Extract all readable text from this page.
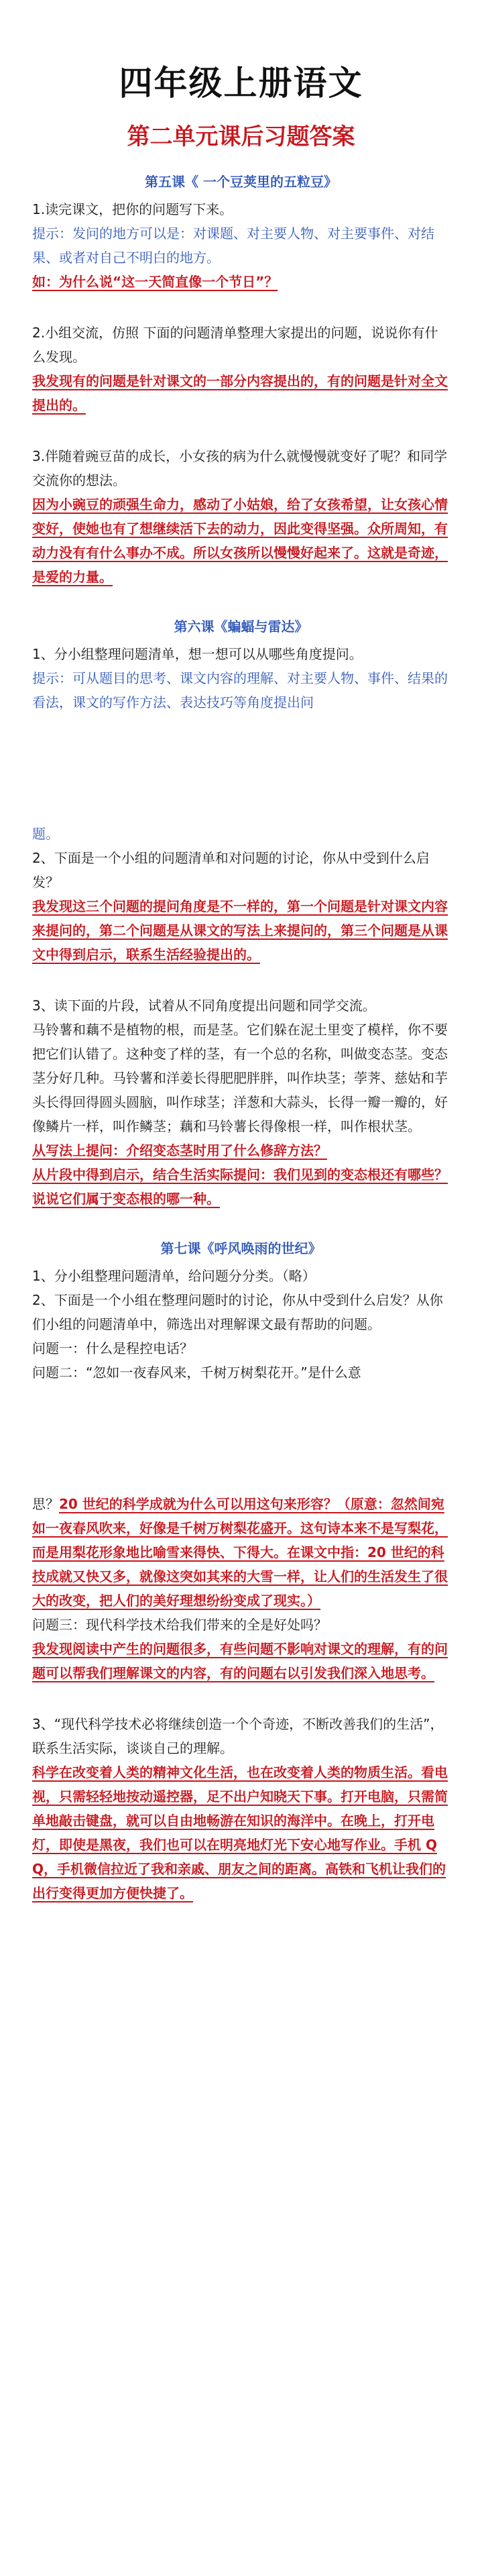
四年级上册语文
第二单元课后习题答案
第五课《 一个豆荚里的五粒豆》

1.读完课文，把你的问题写下来。

提示：发问的地方可以是：对课题、对主要人物、对主要事件、对结果、或者对自己不明白的地方。

如：为什么说“这一天简直像一个节日”？

2.小组交流，仿照 下面的问题清单整理大家提出的问题，说说你有什么发现。

我发现有的问题是针对课文的一部分内容提出的，有的问题是针对全文提出的。

3.伴随着豌豆苗的成长，小女孩的病为什么就慢慢就变好了呢？和同学交流你的想法。

因为小豌豆的顽强生命力，感动了小姑娘，给了女孩希望，让女孩心情变好，使她也有了想继续活下去的动力，因此变得坚强。众所周知，有动力没有有什么事办不成。所以女孩所以慢慢好起来了。这就是奇迹，是爱的力量。

第六课《蝙蝠与雷达》

1、分小组整理问题清单，想一想可以从哪些角度提问。

提示：可从题目的思考、课文内容的理解、对主要人物、事件、结果的看法，课文的写作方法、表达技巧等角度提出问

题。

2、下面是一个小组的问题清单和对问题的讨论，你从中受到什么启发？

我发现这三个问题的提问角度是不一样的，第一个问题是针对课文内容来提问的，第二个问题是从课文的写法上来提问的，第三个问题是从课文中得到启示，联系生活经验提出的。

3、读下面的片段，试着从不同角度提出问题和同学交流。

马铃薯和藕不是植物的根，而是茎。它们躲在泥土里变了模样，你不要把它们认错了。这种变了样的茎，有一个总的名称，叫做变态茎。变态茎分好几种。马铃薯和洋姜长得肥肥胖胖，叫作块茎；荸荠、慈姑和芋头长得回得圆头圆脑，叫作球茎；洋葱和大蒜头，长得一瓣一瓣的，好像鳞片一样，叫作鳞茎；藕和马铃薯长得像根一样，叫作根状茎。

从写法上提问：介绍变态茎时用了什么修辞方法？

从片段中得到启示，结合生活实际提问：我们见到的变态根还有哪些？说说它们属于变态根的哪一种。

第七课《呼风唤雨的世纪》

1、分小组整理问题清单，给问题分分类。（略）

2、下面是一个小组在整理问题时的讨论，你从中受到什么启发？从你们小组的问题清单中，筛选出对理解课文最有帮助的问题。

问题一：什么是程控电话？

问题二：“忽如一夜春风来，千树万树梨花开。”是什么意

思？20 世纪的科学成就为什么可以用这句来形容？（原意：忽然间宛如一夜春风吹来，好像是千树万树梨花盛开。这句诗本来不是写梨花，而是用梨花形象地比喻雪来得快、下得大。在课文中指：20 世纪的科技成就又快又多，就像这突如其来的大雪一样，让人们的生活发生了很大的改变，把人们的美好理想纷纷变成了现实。）

问题三：现代科学技术给我们带来的全是好处吗？

我发现阅读中产生的问题很多，有些问题不影响对课文的理解，有的问题可以帮我们理解课文的内容，有的问题右以引发我们深入地思考。

3、“现代科学技术必将继续创造一个个奇迹，不断改善我们的生活”，联系生活实际，谈谈自己的理解。

科学在改变着人类的精神文化生活，也在改变着人类的物质生活。看电视，只需轻轻地按动遥控器，足不出户知晓天下事。打开电脑，只需简单地敲击键盘，就可以自由地畅游在知识的海洋中。在晚上，打开电灯，即使是黑夜，我们也可以在明亮地灯光下安心地写作业。手机 QQ，手机微信拉近了我和亲戚、朋友之间的距离。高铁和飞机让我们的出行变得更加方便快捷了。
